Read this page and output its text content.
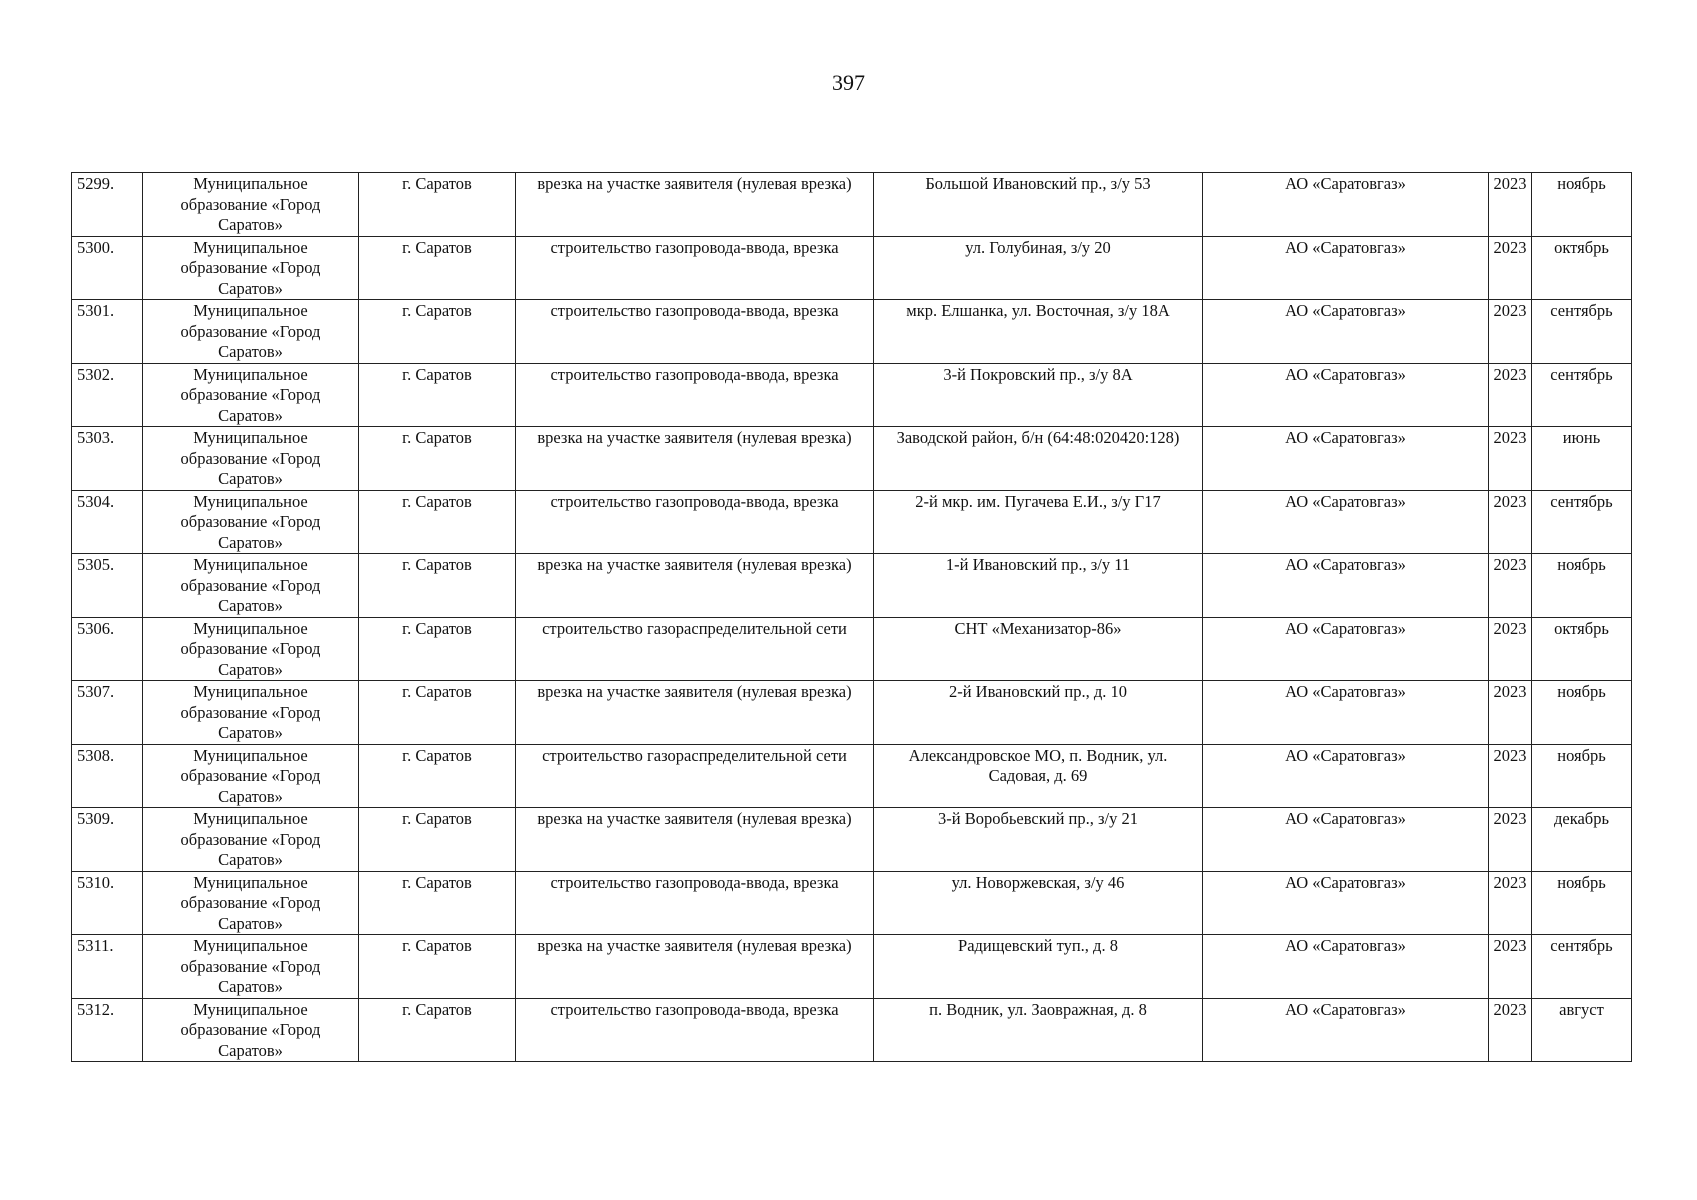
397
5299.	Муниципальное образование «Город Саратов»	г. Саратов	врезка на участке заявителя (нулевая врезка)	Большой Ивановский пр., з/у 53	АО «Саратовгаз»	2023	ноябрь
5300.	Муниципальное образование «Город Саратов»	г. Саратов	строительство газопровода-ввода, врезка	ул. Голубиная, з/у 20	АО «Саратовгаз»	2023	октябрь
5301.	Муниципальное образование «Город Саратов»	г. Саратов	строительство газопровода-ввода, врезка	мкр. Елшанка, ул. Восточная, з/у 18А	АО «Саратовгаз»	2023	сентябрь
5302.	Муниципальное образование «Город Саратов»	г. Саратов	строительство газопровода-ввода, врезка	3-й Покровский пр., з/у 8А	АО «Саратовгаз»	2023	сентябрь
5303.	Муниципальное образование «Город Саратов»	г. Саратов	врезка на участке заявителя (нулевая врезка)	Заводской район, б/н (64:48:020420:128)	АО «Саратовгаз»	2023	июнь
5304.	Муниципальное образование «Город Саратов»	г. Саратов	строительство газопровода-ввода, врезка	2-й мкр. им. Пугачева Е.И., з/у Г17	АО «Саратовгаз»	2023	сентябрь
5305.	Муниципальное образование «Город Саратов»	г. Саратов	врезка на участке заявителя (нулевая врезка)	1-й Ивановский пр., з/у 11	АО «Саратовгаз»	2023	ноябрь
5306.	Муниципальное образование «Город Саратов»	г. Саратов	строительство газораспределительной сети	СНТ «Механизатор-86»	АО «Саратовгаз»	2023	октябрь
5307.	Муниципальное образование «Город Саратов»	г. Саратов	врезка на участке заявителя (нулевая врезка)	2-й Ивановский пр., д. 10	АО «Саратовгаз»	2023	ноябрь
5308.	Муниципальное образование «Город Саратов»	г. Саратов	строительство газораспределительной сети	Александровское МО, п. Водник, ул. Садовая, д. 69	АО «Саратовгаз»	2023	ноябрь
5309.	Муниципальное образование «Город Саратов»	г. Саратов	врезка на участке заявителя (нулевая врезка)	3-й Воробьевский пр., з/у 21	АО «Саратовгаз»	2023	декабрь
5310.	Муниципальное образование «Город Саратов»	г. Саратов	строительство газопровода-ввода, врезка	ул. Новоржевская, з/у 46	АО «Саратовгаз»	2023	ноябрь
5311.	Муниципальное образование «Город Саратов»	г. Саратов	врезка на участке заявителя (нулевая врезка)	Радищевский туп., д. 8	АО «Саратовгаз»	2023	сентябрь
5312.	Муниципальное образование «Город Саратов»	г. Саратов	строительство газопровода-ввода, врезка	п. Водник, ул. Заовражная, д. 8	АО «Саратовгаз»	2023	август
